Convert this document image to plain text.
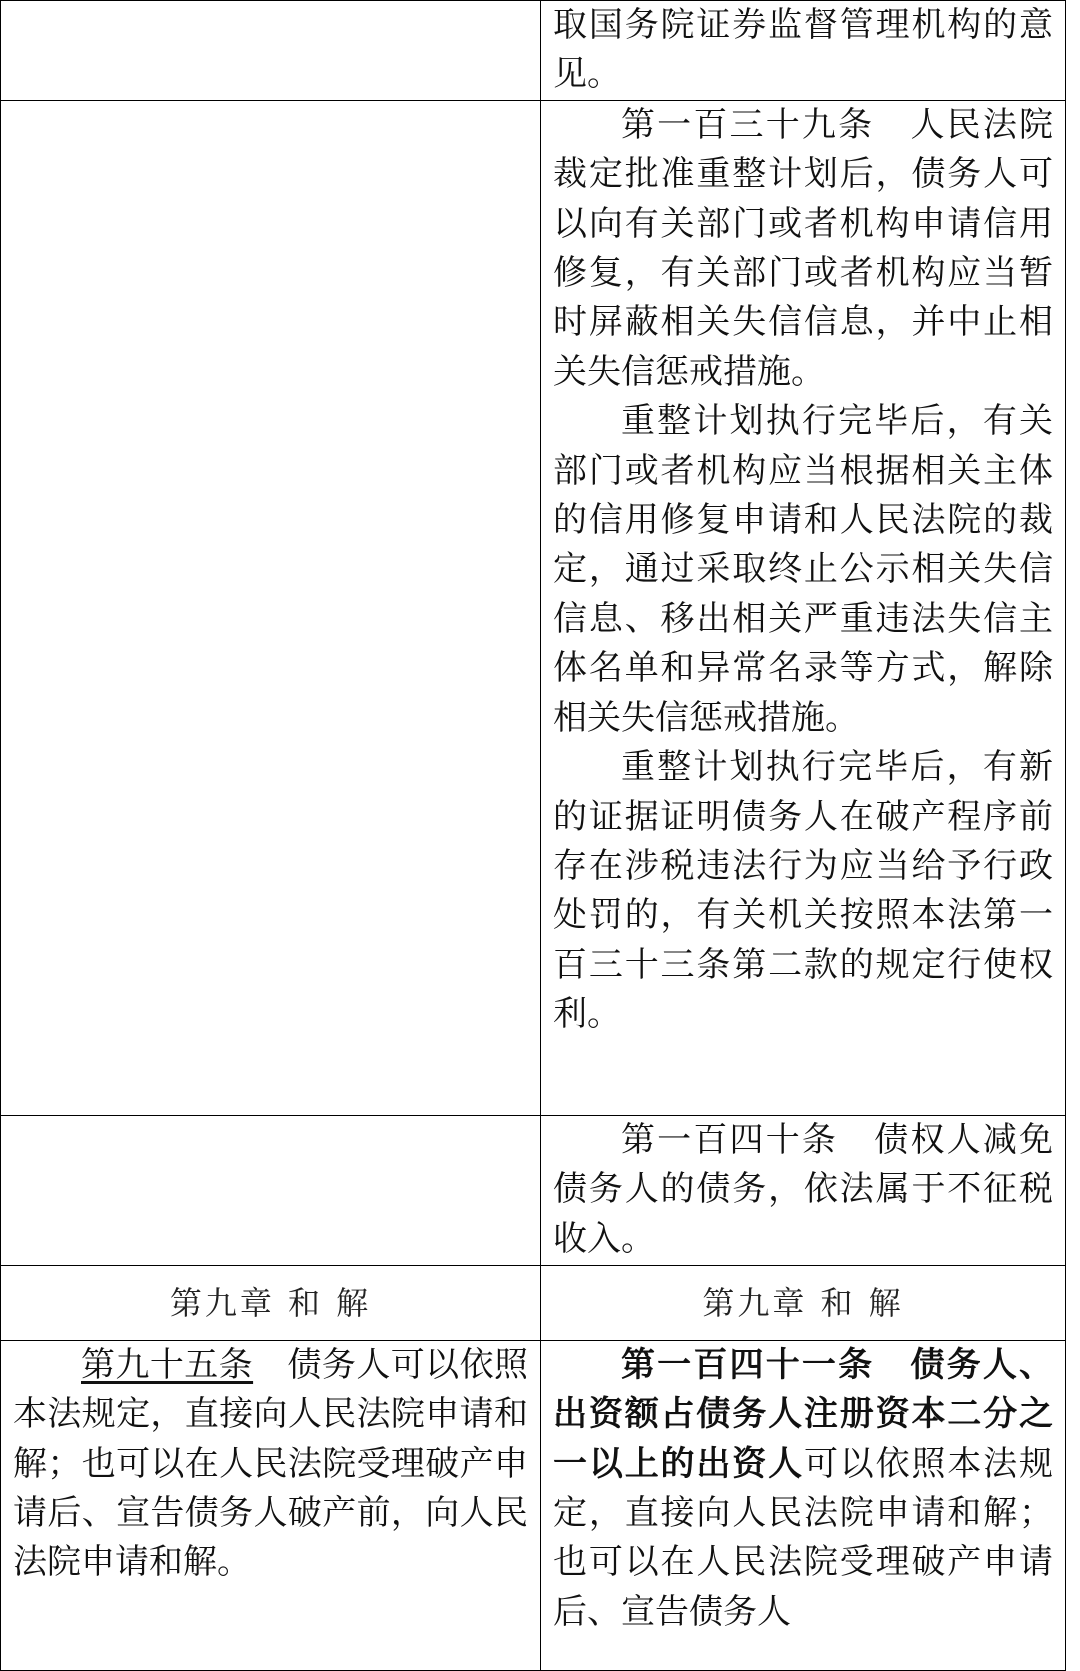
	取国务院证券监督管理机构的意见。

	第一百三十九条 人民法院裁定批准重整计划后，债务人可以向有关部门或者机构申请信用修复，有关部门或者机构应当暂时屏蔽相关失信信息，并中止相关失信惩戒措施。

重整计划执行完毕后，有关部门或者机构应当根据相关主体的信用修复申请和人民法院的裁定，通过采取终止公示相关失信信息、移出相关严重违法失信主体名单和异常名录等方式，解除相关失信惩戒措施。

重整计划执行完毕后，有新的证据证明债务人在破产程序前存在涉税违法行为应当给予行政处罚的，有关机关按照本法第一百三十三条第二款的规定行使权利。

	第一百四十条 债权人减免债务人的债务，依法属于不征税收入。

第九章 和 解	第九章 和 解

第九十五条 债务人可以依照本法规定，直接向人民法院申请和解；也可以在人民法院受理破产申请后、宣告债务人破产前，向人民法院申请和解。	第一百四十一条 债务人、出资额占债务人注册资本二分之一以上的出资人可以依照本法规定，直接向人民法院申请和解；也可以在人民法院受理破产申请后、宣告债务人
